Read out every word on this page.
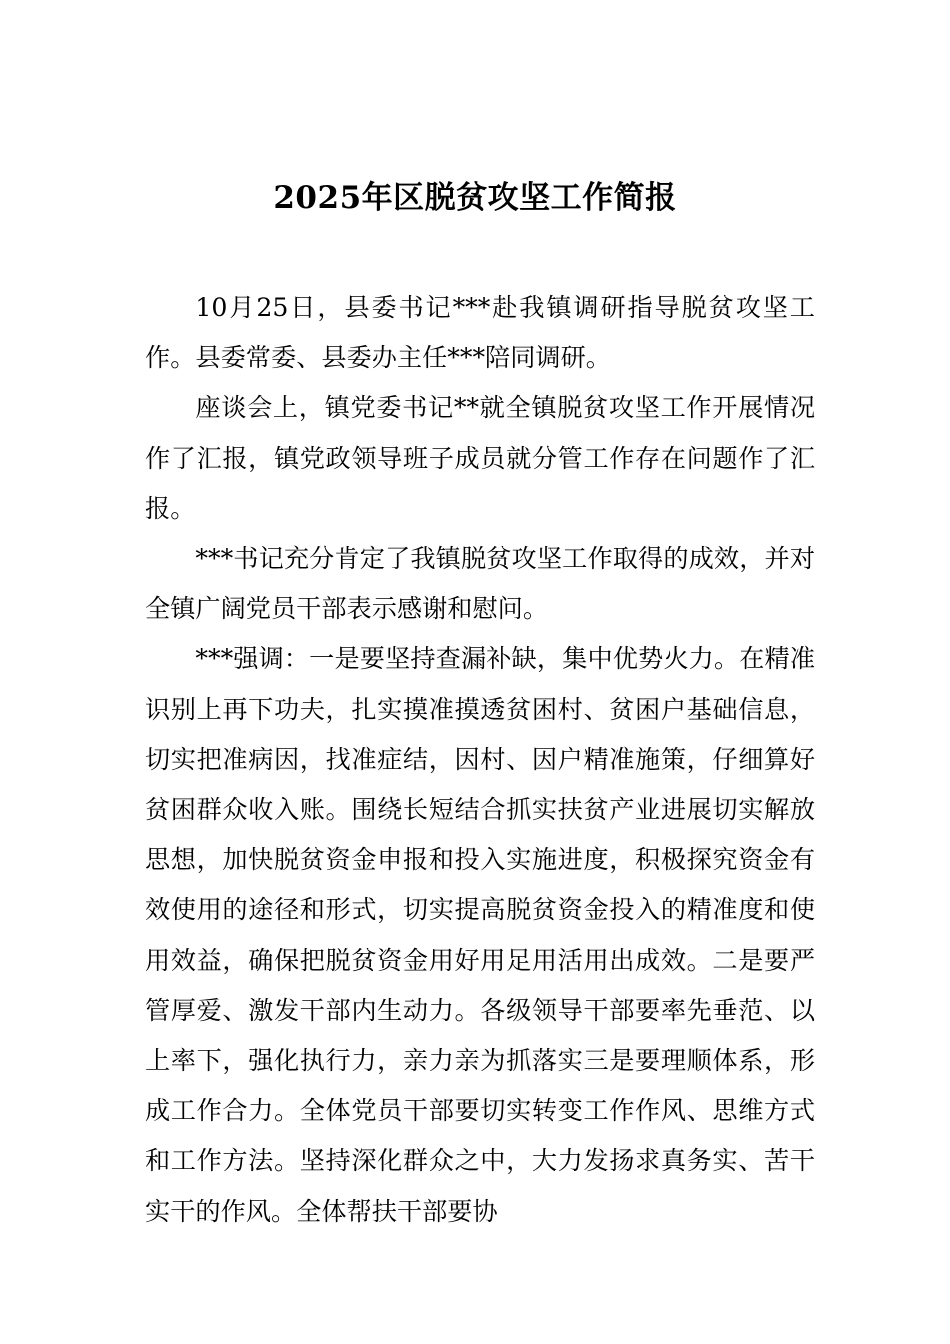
2025年区脱贫攻坚工作简报

10月25日，县委书记***赴我镇调研指导脱贫攻坚工作。县委常委、县委办主任***陪同调研。

座谈会上，镇党委书记**就全镇脱贫攻坚工作开展情况作了汇报，镇党政领导班子成员就分管工作存在问题作了汇报。

***书记充分肯定了我镇脱贫攻坚工作取得的成效，并对全镇广阔党员干部表示感谢和慰问。

***强调：一是要坚持查漏补缺，集中优势火力。在精准识别上再下功夫，扎实摸准摸透贫困村、贫困户基础信息，切实把准病因，找准症结，因村、因户精准施策，仔细算好贫困群众收入账。围绕长短结合抓实扶贫产业进展切实解放思想，加快脱贫资金申报和投入实施进度，积极探究资金有效使用的途径和形式，切实提高脱贫资金投入的精准度和使用效益，确保把脱贫资金用好用足用活用出成效。二是要严管厚爱、激发干部内生动力。各级领导干部要率先垂范、以上率下，强化执行力，亲力亲为抓落实三是要理顺体系，形成工作合力。全体党员干部要切实转变工作作风、思维方式和工作方法。坚持深化群众之中，大力发扬求真务实、苦干实干的作风。全体帮扶干部要协
